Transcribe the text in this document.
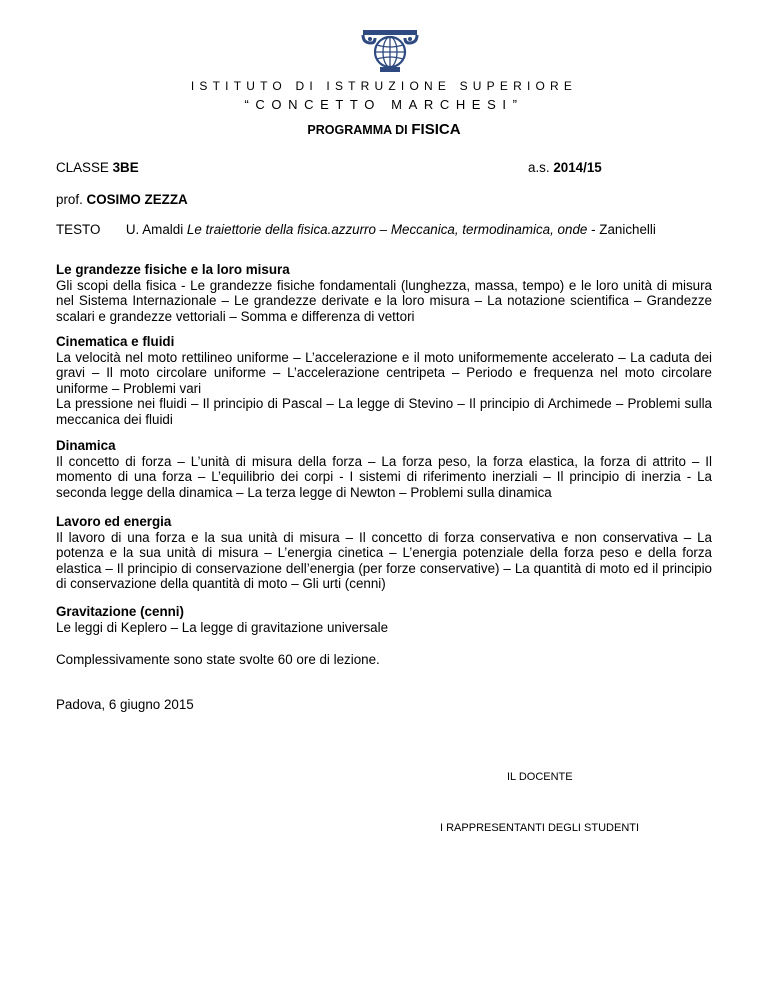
ISTITUTO DI ISTRUZIONE SUPERIORE
“CONCETTO MARCHESI”
PROGRAMMA DI FISICA
CLASSE 3BE	a.s. 2014/15
prof. COSIMO ZEZZA
TESTO U. Amaldi Le traiettorie della fisica.azzurro – Meccanica, termodinamica, onde - Zanichelli

Le grandezze fisiche e la loro misura

Gli scopi della fisica - Le grandezze fisiche fondamentali (lunghezza, massa, tempo) e le loro unità di misura nel Sistema Internazionale – Le grandezze derivate e la loro misura – La notazione scientifica – Grandezze scalari e grandezze vettoriali – Somma e differenza di vettori

Cinematica e fluidi

La velocità nel moto rettilineo uniforme – L’accelerazione e il moto uniformemente accelerato – La caduta dei gravi – Il moto circolare uniforme – L’accelerazione centripeta – Periodo e frequenza nel moto circolare uniforme – Problemi vari

La pressione nei fluidi – Il principio di Pascal – La legge di Stevino – Il principio di Archimede – Problemi sulla meccanica dei fluidi

Dinamica

Il concetto di forza – L’unità di misura della forza – La forza peso, la forza elastica, la forza di attrito – Il momento di una forza – L’equilibrio dei corpi - I sistemi di riferimento inerziali – Il principio di inerzia - La seconda legge della dinamica – La terza legge di Newton – Problemi sulla dinamica

Lavoro ed energia

Il lavoro di una forza e la sua unità di misura – Il concetto di forza conservativa e non conservativa – La potenza e la sua unità di misura – L’energia cinetica – L’energia potenziale della forza peso e della forza elastica – Il principio di conservazione dell’energia (per forze conservative) – La quantità di moto ed il principio di conservazione della quantità di moto – Gli urti (cenni)

Gravitazione (cenni)

Le leggi di Keplero – La legge di gravitazione universale

Complessivamente sono state svolte 60 ore di lezione.
Padova, 6 giugno 2015
IL DOCENTE
I RAPPRESENTANTI DEGLI STUDENTI
